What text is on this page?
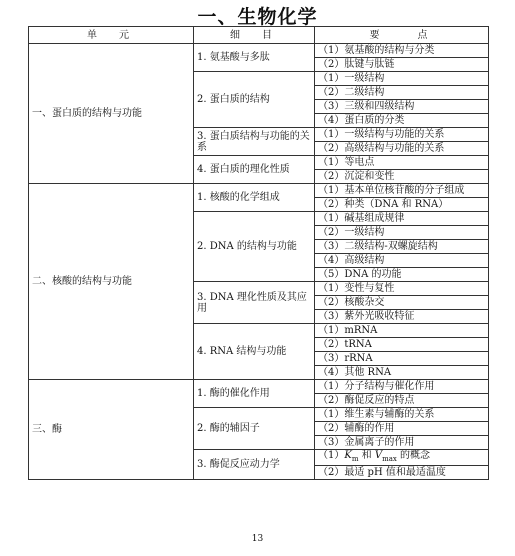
一、生物化学
单　元	细　目	要　　点
一、蛋白质的结构与功能	1. 氨基酸与多肽	（1）氨基酸的结构与分类
		（2）肽键与肽链
	2. 蛋白质的结构	（1）一级结构
		（2）二级结构
		（3）三级和四级结构
		（4）蛋白质的分类
	3. 蛋白质结构与功能的关系	（1）一级结构与功能的关系
		（2）高级结构与功能的关系
	4. 蛋白质的理化性质	（1）等电点
		（2）沉淀和变性
二、核酸的结构与功能	1. 核酸的化学组成	（1）基本单位核苷酸的分子组成
		（2）种类（DNA 和 RNA）
	2. DNA 的结构与功能	（1）碱基组成规律
		（2）一级结构
		（3）二级结构-双螺旋结构
		（4）高级结构
		（5）DNA 的功能
	3. DNA 理化性质及其应用	（1）变性与复性
		（2）核酸杂交
		（3）紫外光吸收特征
	4. RNA 结构与功能	（1）mRNA
		（2）tRNA
		（3）rRNA
		（4）其他 RNA
三、酶	1. 酶的催化作用	（1）分子结构与催化作用
		（2）酶促反应的特点
	2. 酶的辅因子	（1）维生素与辅酶的关系
		（2）辅酶的作用
		（3）金属离子的作用
	3. 酶促反应动力学	$(1)K_m$ 和 $V_{max}$ 的概念
		（2）最适 pH 值和最适温度
13
